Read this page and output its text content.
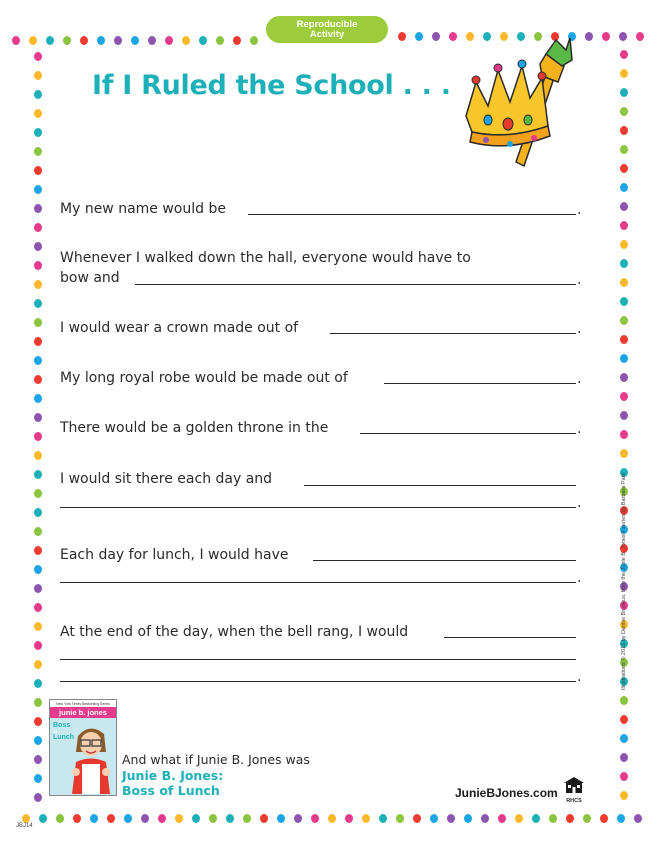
Reproducible
Activity
If I Ruled the School . . .
My new name would be	.
Whenever I walked down the hall, everyone would have to
bow and	.
I would wear a crown made out of	.
My long royal robe would be made out of	.
There would be a golden throne in the	.
I would sit there each day and
.
Each day for lunch, I would have
.
At the end of the day, when the bell rang, I would
.
New York Times Bestselling Series
junie b. jones
Boss
of
Lunch
And what if Junie B. Jones was
Junie B. Jones:
Boss of Lunch	JunieBJones.com
RHCS
Illustrations © 2015 by Denise Brunkus, from the Junie B. Jones® series by Barbara Park
JBJ14
